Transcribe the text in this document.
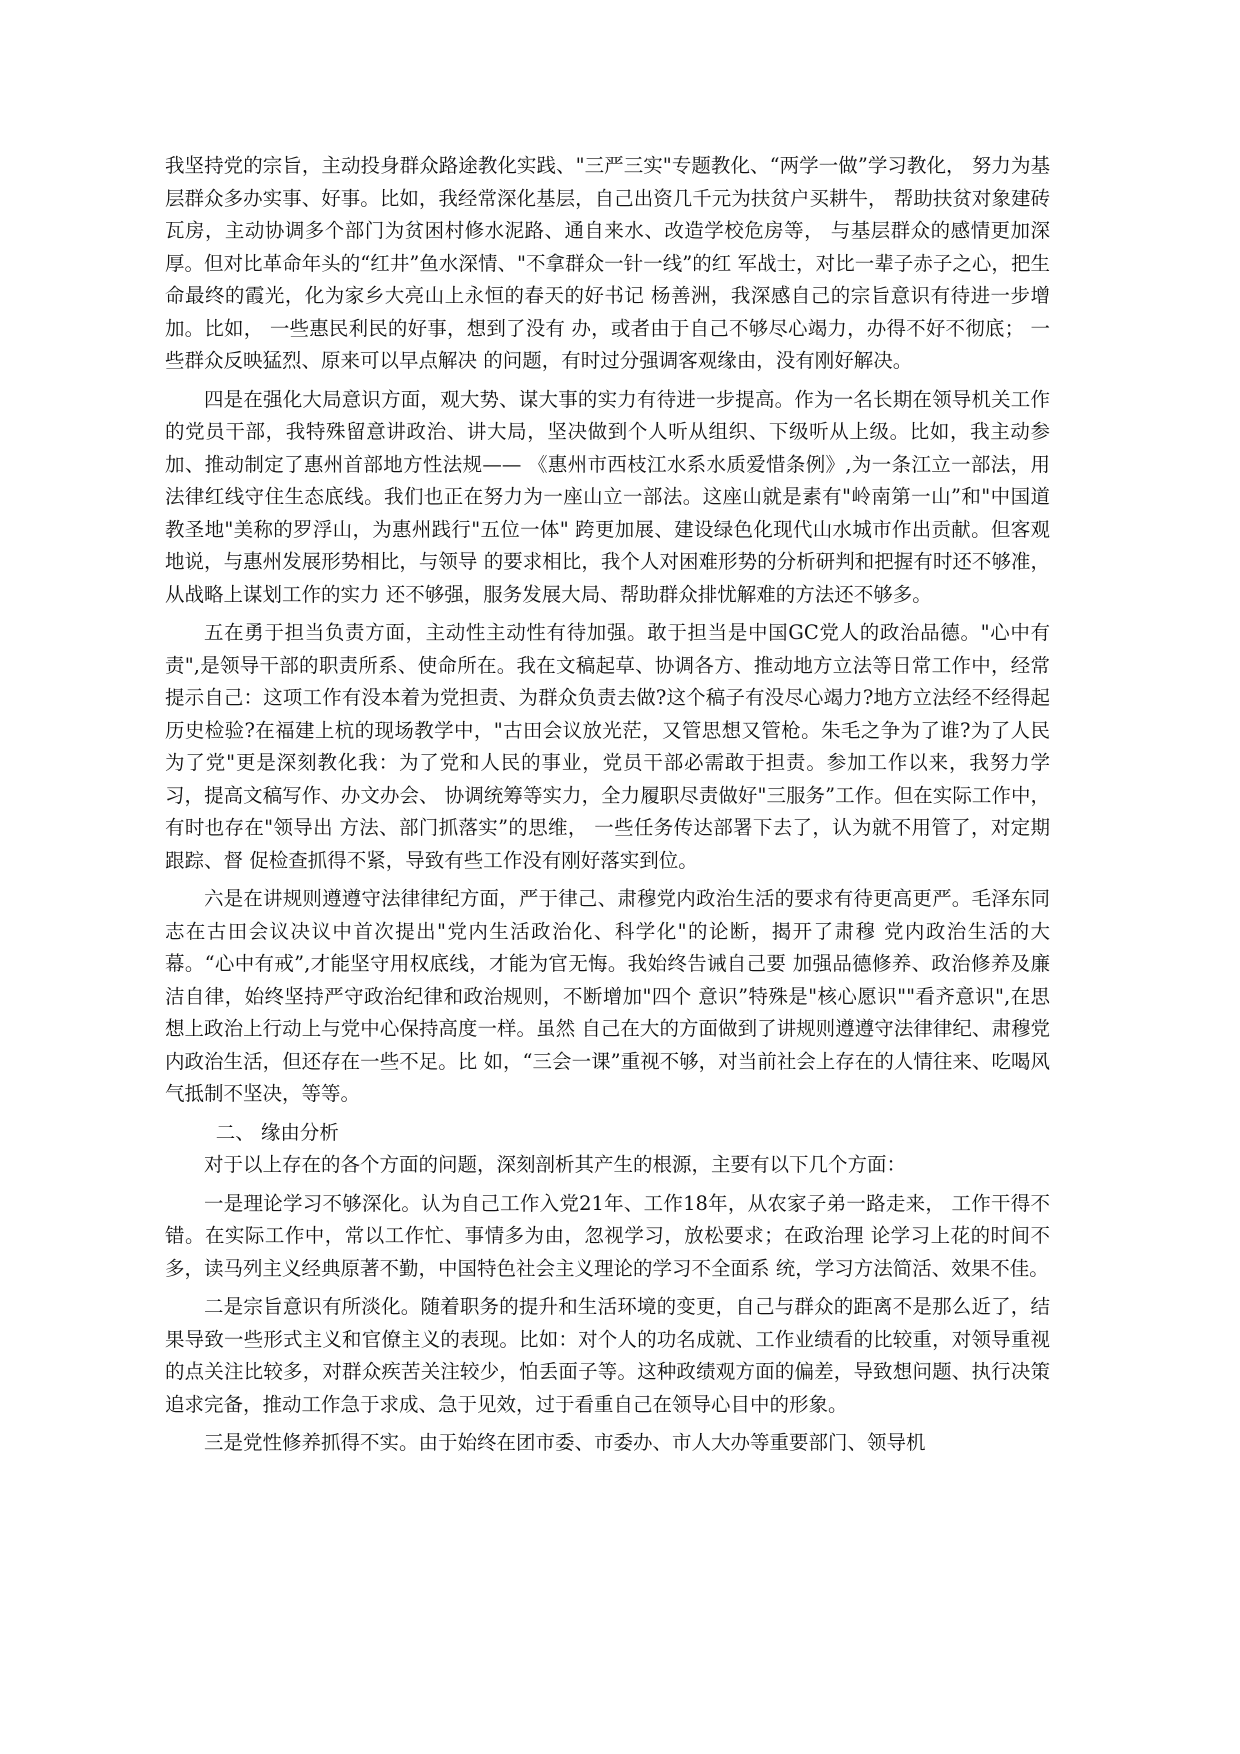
我坚持党的宗旨，主动投身群众路途教化实践、"三严三实"专题教化、“两学一做”学习教化， 努力为基层群众多办实事、好事。比如，我经常深化基层，自己出资几千元为扶贫户买耕牛， 帮助扶贫对象建砖瓦房，主动协调多个部门为贫困村修水泥路、通自来水、改造学校危房等， 与基层群众的感情更加深厚。但对比革命年头的“红井”鱼水深情、"不拿群众一针一线”的红 军战士，对比一辈子赤子之心，把生命最终的霞光，化为家乡大亮山上永恒的春天的好书记 杨善洲，我深感自己的宗旨意识有待进一步增加。比如， 一些惠民利民的好事，想到了没有 办，或者由于自己不够尽心竭力，办得不好不彻底； 一些群众反映猛烈、原来可以早点解决 的问题，有时过分强调客观缘由，没有刚好解决。

四是在强化大局意识方面，观大势、谋大事的实力有待进一步提高。作为一名长期在领导机关工作的党员干部，我特殊留意讲政治、讲大局，坚决做到个人听从组织、下级听从上级。比如，我主动参加、推动制定了惠州首部地方性法规—— 《惠州市西枝江水系水质爱惜条例》,为一条江立一部法，用法律红线守住生态底线。我们也正在努力为一座山立一部法。这座山就是素有"岭南第一山”和"中国道教圣地"美称的罗浮山，为惠州践行"五位一体" 跨更加展、建设绿色化现代山水城市作出贡献。但客观地说，与惠州发展形势相比，与领导 的要求相比，我个人对困难形势的分析研判和把握有时还不够准，从战略上谋划工作的实力 还不够强，服务发展大局、帮助群众排忧解难的方法还不够多。

五在勇于担当负责方面，主动性主动性有待加强。敢于担当是中国GC党人的政治品德。"心中有责",是领导干部的职责所系、使命所在。我在文稿起草、协调各方、推动地方立法等日常工作中，经常提示自己：这项工作有没本着为党担责、为群众负责去做?这个稿子有没尽心竭力?地方立法经不经得起历史检验?在福建上杭的现场教学中，"古田会议放光茫，又管思想又管枪。朱毛之争为了谁?为了人民为了党"更是深刻教化我：为了党和人民的事业，党员干部必需敢于担责。参加工作以来，我努力学习，提高文稿写作、办文办会、 协调统筹等实力，全力履职尽责做好"三服务”工作。但在实际工作中，有时也存在"领导出 方法、部门抓落实”的思维， 一些任务传达部署下去了，认为就不用管了，对定期跟踪、督 促检查抓得不紧，导致有些工作没有刚好落实到位。

六是在讲规则遵遵守法律律纪方面，严于律己、肃穆党内政治生活的要求有待更高更严。毛泽东同志在古田会议决议中首次提出"党内生活政治化、科学化"的论断，揭开了肃穆 党内政治生活的大幕。“心中有戒”,才能坚守用权底线，才能为官无悔。我始终告诫自己要 加强品德修养、政治修养及廉洁自律，始终坚持严守政治纪律和政治规则，不断增加"四个 意识”特殊是"核心愿识""看齐意识",在思想上政治上行动上与党中心保持高度一样。虽然 自己在大的方面做到了讲规则遵遵守法律律纪、肃穆党内政治生活，但还存在一些不足。比 如，“三会一课”重视不够，对当前社会上存在的人情往来、吃喝风气抵制不坚决，等等。

二、 缘由分析

对于以上存在的各个方面的问题，深刻剖析其产生的根源，主要有以下几个方面：

一是理论学习不够深化。认为自己工作入党21年、工作18年，从农家子弟一路走来， 工作干得不错。在实际工作中，常以工作忙、事情多为由，忽视学习，放松要求；在政治理 论学习上花的时间不多，读马列主义经典原著不勤，中国特色社会主义理论的学习不全面系 统，学习方法简活、效果不佳。

二是宗旨意识有所淡化。随着职务的提升和生活环境的变更，自己与群众的距离不是那么近了，结果导致一些形式主义和官僚主义的表现。比如：对个人的功名成就、工作业绩看的比较重，对领导重视的点关注比较多，对群众疾苦关注较少，怕丢面子等。这种政绩观方面的偏差，导致想问题、执行决策追求完备，推动工作急于求成、急于见效，过于看重自己在领导心目中的形象。

三是党性修养抓得不实。由于始终在团市委、市委办、市人大办等重要部门、领导机
